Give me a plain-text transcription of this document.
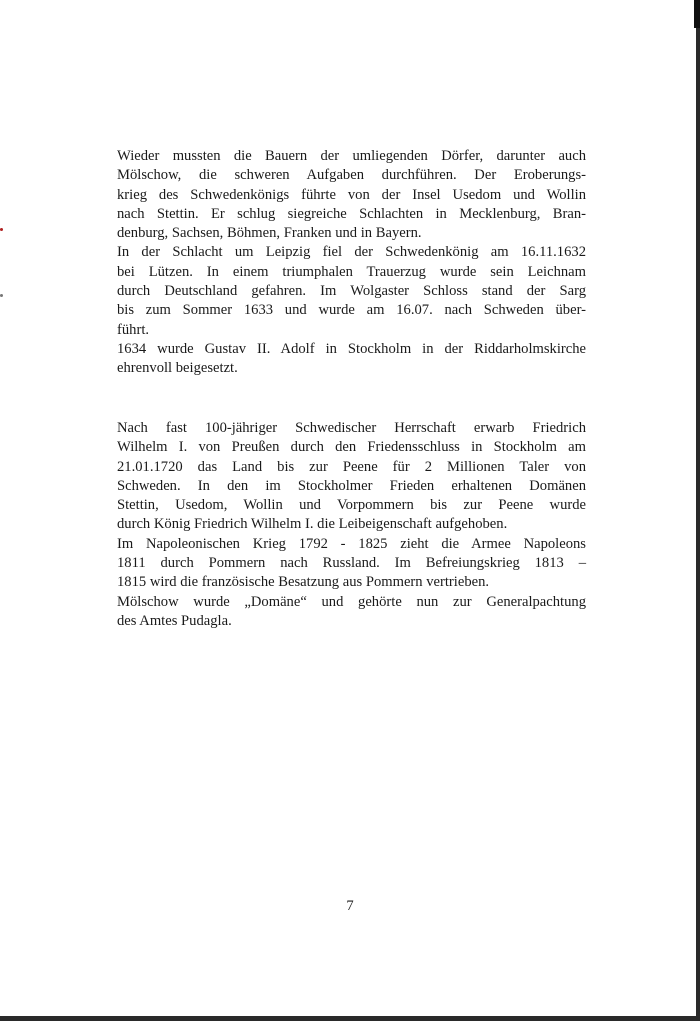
Wieder mussten die Bauern der umliegenden Dörfer, darunter auch
Mölschow, die schweren Aufgaben durchführen. Der Eroberungs-
krieg des Schwedenkönigs führte von der Insel Usedom und Wollin
nach Stettin. Er schlug siegreiche Schlachten in Mecklenburg, Bran-
denburg, Sachsen, Böhmen, Franken und in Bayern.

In der Schlacht um Leipzig fiel der Schwedenkönig am 16.11.1632
bei Lützen. In einem triumphalen Trauerzug wurde sein Leichnam
durch Deutschland gefahren. Im Wolgaster Schloss stand der Sarg
bis zum Sommer 1633 und wurde am 16.07. nach Schweden über-
führt.

1634 wurde Gustav II. Adolf in Stockholm in der Riddarholmskirche
ehrenvoll beigesetzt.

Nach fast 100-jähriger Schwedischer Herrschaft erwarb Friedrich
Wilhelm I. von Preußen durch den Friedensschluss in Stockholm am
21.01.1720 das Land bis zur Peene für 2 Millionen Taler von
Schweden. In den im Stockholmer Frieden erhaltenen Domänen
Stettin, Usedom, Wollin und Vorpommern bis zur Peene wurde
durch König Friedrich Wilhelm I. die Leibeigenschaft aufgehoben.

Im Napoleonischen Krieg 1792 - 1825 zieht die Armee Napoleons
1811 durch Pommern nach Russland. Im Befreiungskrieg 1813 –
1815 wird die französische Besatzung aus Pommern vertrieben.

Mölschow wurde „Domäne“ und gehörte nun zur Generalpachtung
des Amtes Pudagla.

7
